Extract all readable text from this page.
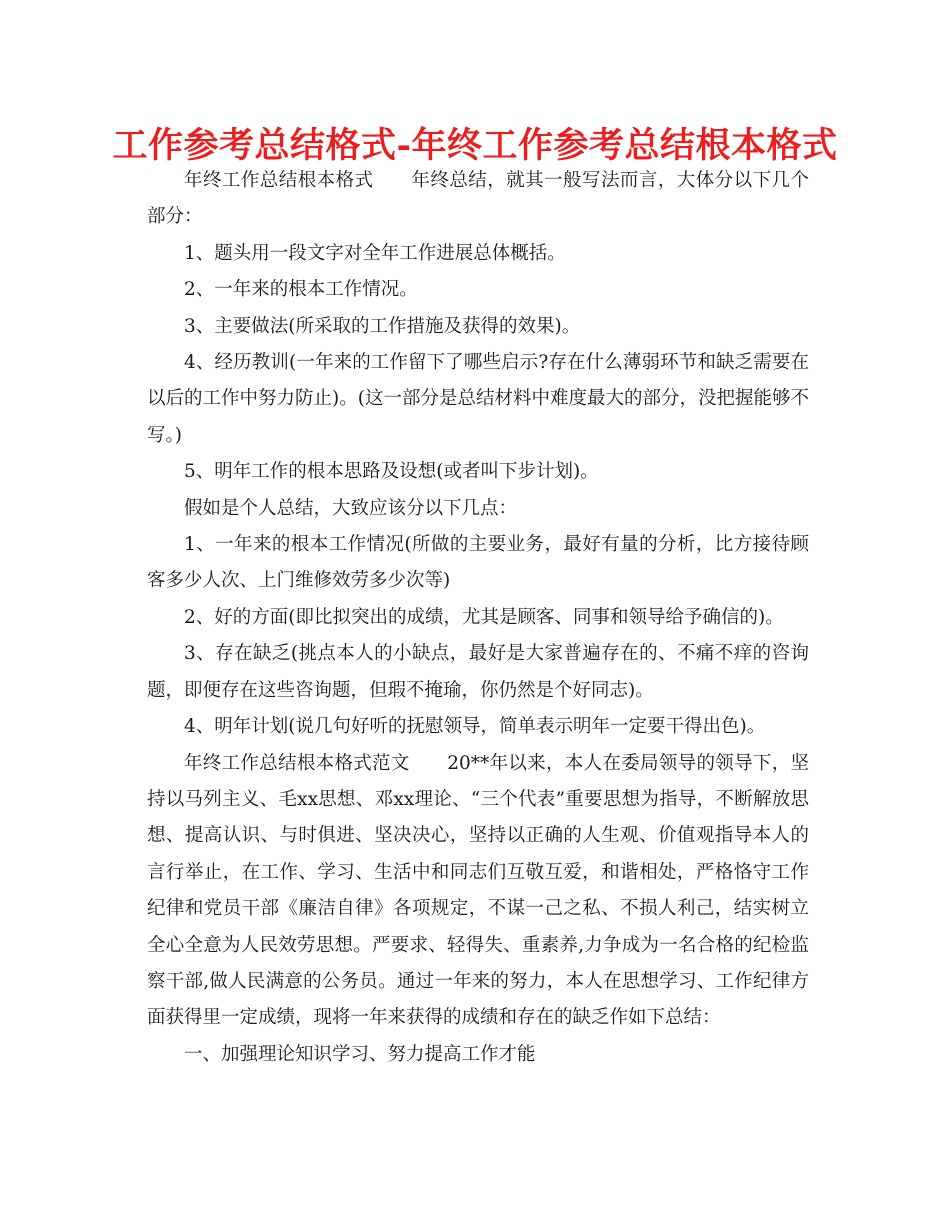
工作参考总结格式-年终工作参考总结根本格式

年终工作总结根本格式　　年终总结，就其一般写法而言，大体分以下几个部分：

1、题头用一段文字对全年工作进展总体概括。

2、一年来的根本工作情况。

3、主要做法(所采取的工作措施及获得的效果)。

4、经历教训(一年来的工作留下了哪些启示?存在什么薄弱环节和缺乏需要在以后的工作中努力防止)。(这一部分是总结材料中难度最大的部分，没把握能够不写。)

5、明年工作的根本思路及设想(或者叫下步计划)。

假如是个人总结，大致应该分以下几点：

1、一年来的根本工作情况(所做的主要业务，最好有量的分析，比方接待顾客多少人次、上门维修效劳多少次等)

2、好的方面(即比拟突出的成绩，尤其是顾客、同事和领导给予确信的)。

3、存在缺乏(挑点本人的小缺点，最好是大家普遍存在的、不痛不痒的咨询题，即便存在这些咨询题，但瑕不掩瑜，你仍然是个好同志)。

4、明年计划(说几句好听的抚慰领导，简单表示明年一定要干得出色)。

年终工作总结根本格式范文　　20**年以来，本人在委局领导的领导下，坚持以马列主义、毛xx思想、邓xx理论、“三个代表”重要思想为指导，不断解放思想、提高认识、与时俱进、坚决决心，坚持以正确的人生观、价值观指导本人的言行举止，在工作、学习、生活中和同志们互敬互爱，和谐相处，严格恪守工作纪律和党员干部《廉洁自律》各项规定，不谋一己之私、不损人利己，结实树立全心全意为人民效劳思想。严要求、轻得失、重素养,力争成为一名合格的纪检监察干部,做人民满意的公务员。通过一年来的努力，本人在思想学习、工作纪律方面获得里一定成绩，现将一年来获得的成绩和存在的缺乏作如下总结：

一、加强理论知识学习、努力提高工作才能
